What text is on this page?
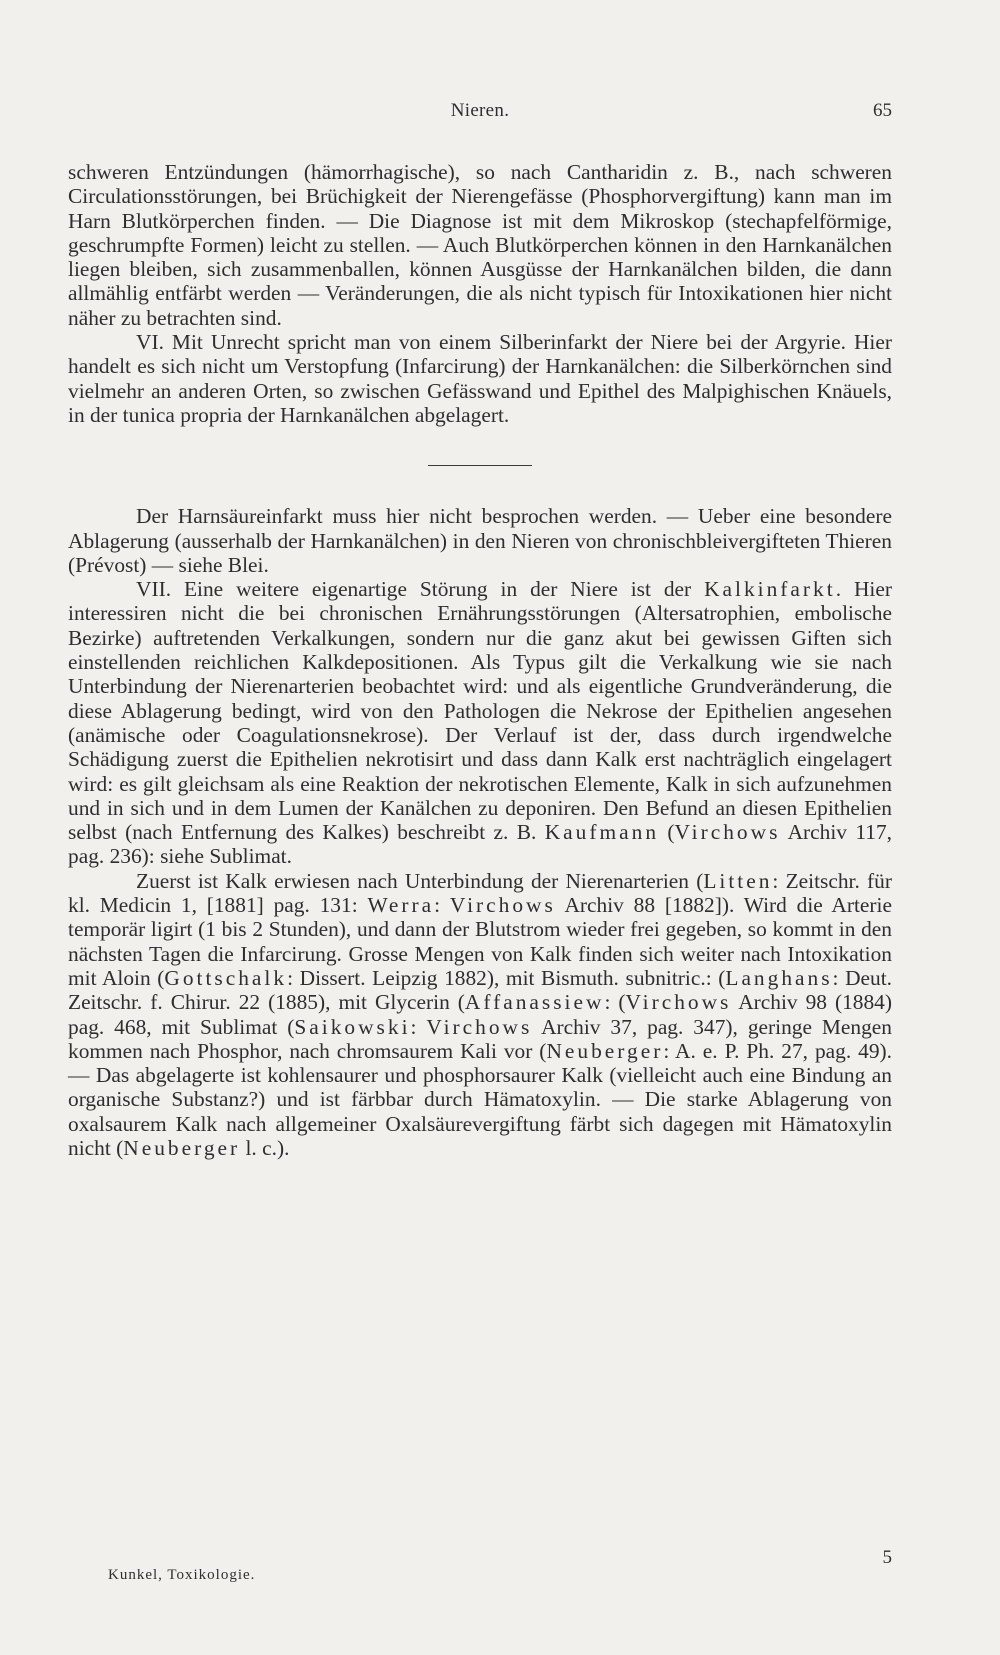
Nieren.	65

schweren Entzündungen (hämorrhagische), so nach Cantharidin z. B., nach schweren Circulationsstörungen, bei Brüchigkeit der Nierengefässe (Phosphorvergiftung) kann man im Harn Blutkörperchen finden. — Die Diagnose ist mit dem Mikroskop (stechapfelförmige, geschrumpfte Formen) leicht zu stellen. — Auch Blutkörperchen können in den Harnkanälchen liegen bleiben, sich zusammenballen, können Ausgüsse der Harnkanälchen bilden, die dann allmählig entfärbt werden — Veränderungen, die als nicht typisch für Intoxikationen hier nicht näher zu betrachten sind.

VI. Mit Unrecht spricht man von einem Silberinfarkt der Niere bei der Argyrie. Hier handelt es sich nicht um Verstopfung (Infarcirung) der Harnkanälchen: die Silberkörnchen sind vielmehr an anderen Orten, so zwischen Gefässwand und Epithel des Malpighischen Knäuels, in der tunica propria der Harnkanälchen abgelagert.

Der Harnsäureinfarkt muss hier nicht besprochen werden. — Ueber eine besondere Ablagerung (ausserhalb der Harnkanälchen) in den Nieren von chronischbleivergifteten Thieren (Prévost) — siehe Blei.

VII. Eine weitere eigenartige Störung in der Niere ist der Kalkinfarkt. Hier interessiren nicht die bei chronischen Ernährungsstörungen (Altersatrophien, embolische Bezirke) auftretenden Verkalkungen, sondern nur die ganz akut bei gewissen Giften sich einstellenden reichlichen Kalkdepositionen. Als Typus gilt die Verkalkung wie sie nach Unterbindung der Nierenarterien beobachtet wird: und als eigentliche Grundveränderung, die diese Ablagerung bedingt, wird von den Pathologen die Nekrose der Epithelien angesehen (anämische oder Coagulationsnekrose). Der Verlauf ist der, dass durch irgendwelche Schädigung zuerst die Epithelien nekrotisirt und dass dann Kalk erst nachträglich eingelagert wird: es gilt gleichsam als eine Reaktion der nekrotischen Elemente, Kalk in sich aufzunehmen und in sich und in dem Lumen der Kanälchen zu deponiren. Den Befund an diesen Epithelien selbst (nach Entfernung des Kalkes) beschreibt z. B. Kaufmann (Virchows Archiv 117, pag. 236): siehe Sublimat.

Zuerst ist Kalk erwiesen nach Unterbindung der Nierenarterien (Litten: Zeitschr. für kl. Medicin 1, [1881] pag. 131: Werra: Virchows Archiv 88 [1882]). Wird die Arterie temporär ligirt (1 bis 2 Stunden), und dann der Blutstrom wieder frei gegeben, so kommt in den nächsten Tagen die Infarcirung. Grosse Mengen von Kalk finden sich weiter nach Intoxikation mit Aloin (Gottschalk: Dissert. Leipzig 1882), mit Bismuth. subnitric.: (Langhans: Deut. Zeitschr. f. Chirur. 22 (1885), mit Glycerin (Affanassiew: (Virchows Archiv 98 (1884) pag. 468, mit Sublimat (Saikowski: Virchows Archiv 37, pag. 347), geringe Mengen kommen nach Phosphor, nach chromsaurem Kali vor (Neuberger: A. e. P. Ph. 27, pag. 49). — Das abgelagerte ist kohlensaurer und phosphorsaurer Kalk (vielleicht auch eine Bindung an organische Substanz?) und ist färbbar durch Hämatoxylin. — Die starke Ablagerung von oxalsaurem Kalk nach allgemeiner Oxalsäurevergiftung färbt sich dagegen mit Hämatoxylin nicht (Neuberger l. c.).

5
Kunkel, Toxikologie.
